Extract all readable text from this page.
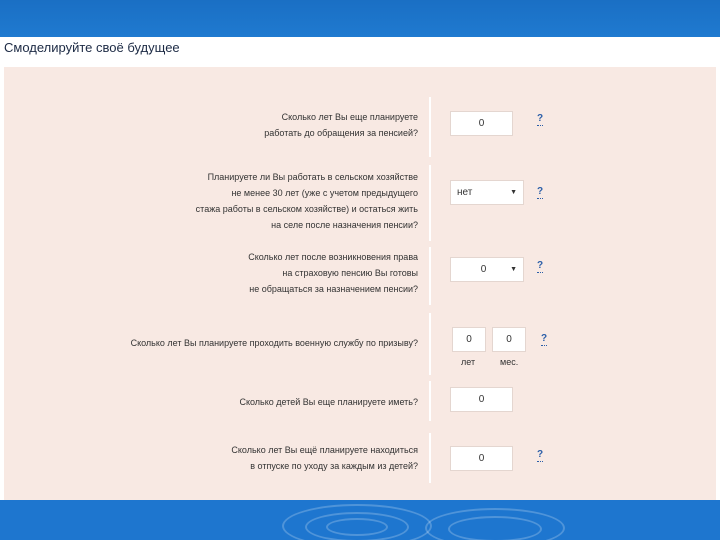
Смоделируйте своё будущее
Сколько лет Вы еще планируете
работать до обращения за пенсией?
0	?
Планируете ли Вы работать в сельском хозяйстве
не менее 30 лет (уже с учетом предыдущего
стажа работы в сельском хозяйстве) и остаться жить
на селе после назначения пенсии?
нет	▼ ?
Сколько лет после возникновения права
на страховую пенсию Вы готовы
не обращаться за назначением пенсии?
0	▼ ?
Сколько лет Вы планируете проходить военную службу по призыву?	0	0
лет	мес.
?
Сколько детей Вы еще планируете иметь?	0
Сколько лет Вы ещё планируете находиться
в отпуске по уходу за каждым из детей?
0	?
